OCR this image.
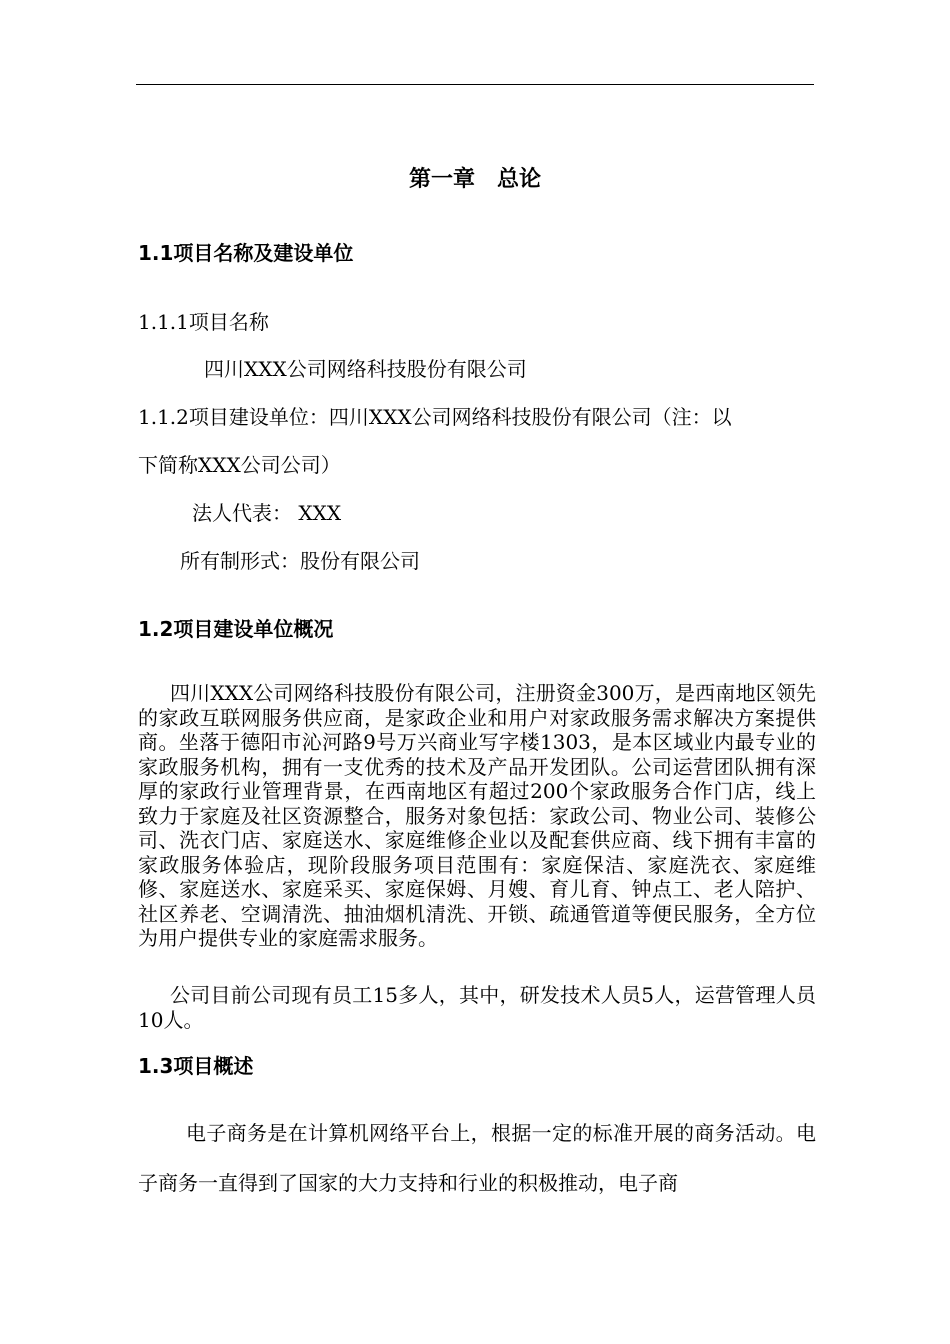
第一章　总论
1.1项目名称及建设单位

1.1.1项目名称

四川XXX公司网络科技股份有限公司

1.1.2项目建设单位：四川XXX公司网络科技股份有限公司（注：以

下简称XXX公司公司）

法人代表： XXX

所有制形式：股份有限公司

1.2项目建设单位概况

四川XXX公司网络科技股份有限公司，注册资金300万，是西南地区领先的家政互联网服务供应商，是家政企业和用户对家政服务需求解决方案提供商。坐落于德阳市沁河路9号万兴商业写字楼1303，是本区域业内最专业的家政服务机构，拥有一支优秀的技术及产品开发团队。公司运营团队拥有深厚的家政行业管理背景，在西南地区有超过200个家政服务合作门店，线上致力于家庭及社区资源整合，服务对象包括：家政公司、物业公司、装修公司、洗衣门店、家庭送水、家庭维修企业以及配套供应商、线下拥有丰富的家政服务体验店，现阶段服务项目范围有：家庭保洁、家庭洗衣、家庭维修、家庭送水、家庭采买、家庭保姆、月嫂、育儿育、钟点工、老人陪护、社区养老、空调清洗、抽油烟机清洗、开锁、疏通管道等便民服务，全方位为用户提供专业的家庭需求服务。

公司目前公司现有员工15多人，其中，研发技术人员5人，运营管理人员10人。

1.3项目概述

电子商务是在计算机网络平台上，根据一定的标准开展的商务活动。电子商务一直得到了国家的大力支持和行业的积极推动，电子商
